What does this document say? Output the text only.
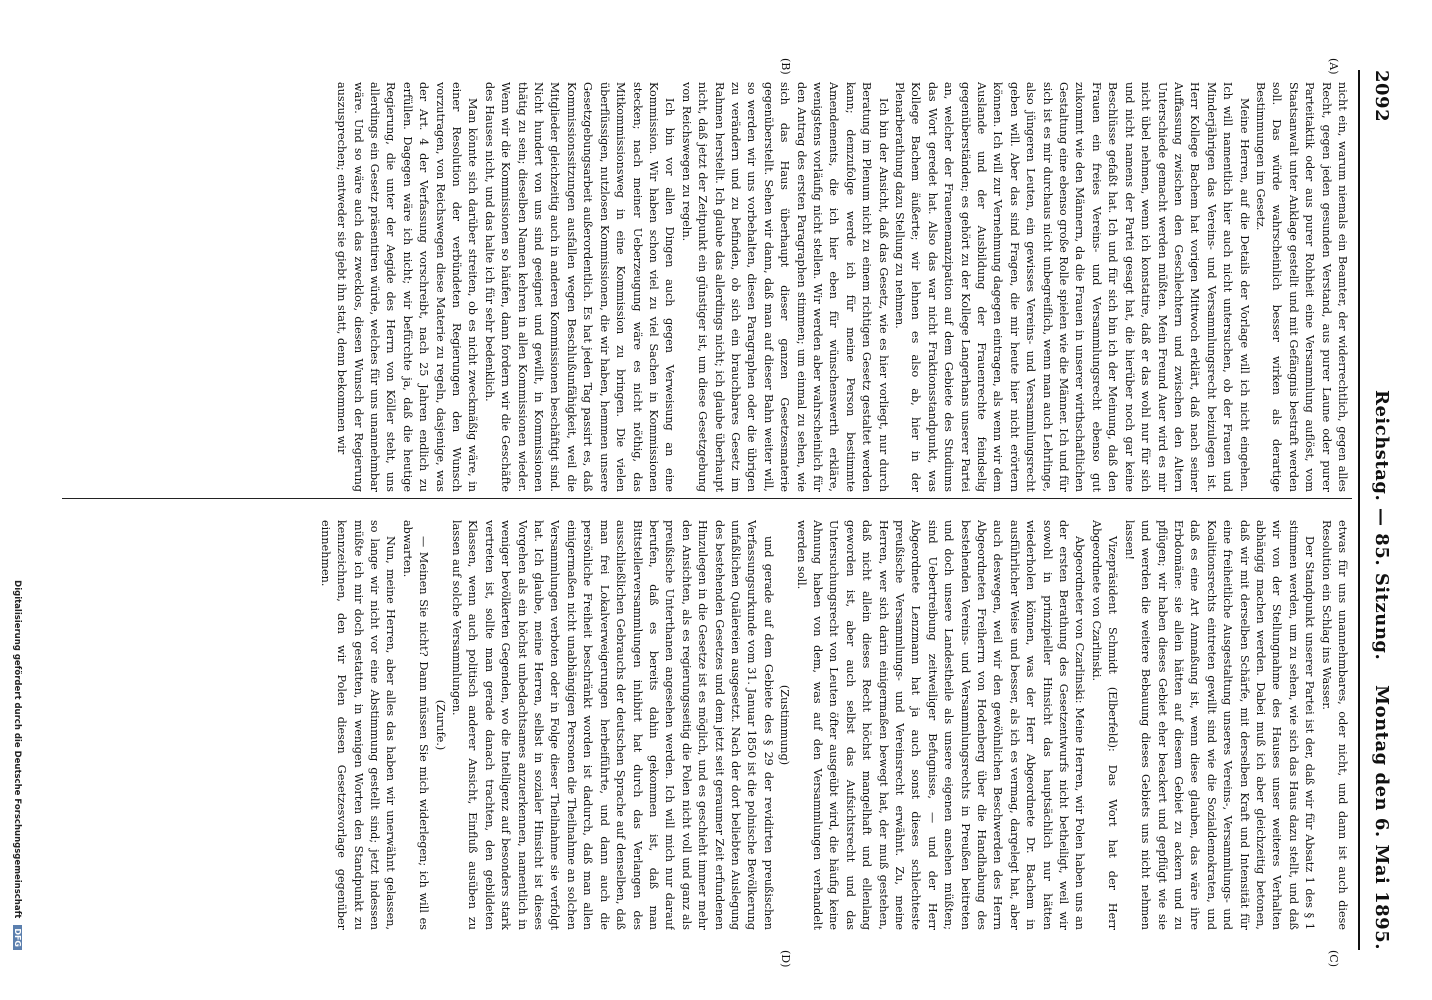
2092
Reichstag. — 85. Sitzung.
Montag den 6. Mai 1895.
(A)
(B)
(C)
(D)

nicht ein, warum niemals ein Beamter, der widerrechtlich, gegen alles Recht, gegen jeden gesunden Verstand, aus purer Laune oder purer Parteitaktik oder aus purer Rohheit eine Versammlung auflöst, vom Staatsanwalt unter Anklage gestellt und mit Gefängnis bestraft werden soll. Das würde wahrscheinlich besser wirken als derartige Bestimmungen im Gesetz.

Meine Herren, auf die Details der Vorlage will ich nicht eingehen. Ich will namentlich hier auch nicht untersuchen, ob der Frauen und Minderjährigen das Vereins- und Versammlungsrecht beizulegen ist. Herr Kollege Bachem hat vorigen Mittwoch erklärt, daß nach seiner Auffassung zwischen den Geschlechtern und zwischen den Altern Unterschiede gemacht werden müßten. Mein Freund Auer wird es mir nicht übel nehmen, wenn ich konstatire, daß er das wohl nur für sich und nicht namens der Partei gesagt hat, die hierüber noch gar keine Beschlüsse gefaßt hat. Ich und für sich bin ich der Meinung, daß den Frauen ein freies Vereins- und Versammlungsrecht ebenso gut zukommt wie den Männern, da die Frauen in unserer wirthschaftlichen Gestaltung eine ebenso große Rolle spielen wie die Männer. Ich und für sich ist es mir durchaus nicht unbegreiflich, wenn man auch Lehrlinge, also jüngeren Leuten, ein gewisses Vereins- und Versammlungsrecht geben will. Aber das sind Fragen, die mir heute hier nicht erörtern können. Ich will zur Vernehmung dagegen eintragen, als wenn wir dem Auslande und der Ausbildung der Frauenrechte feindselig gegenüberständen; es gehört zu der Kollege Langerhans unserer Partei an, welcher der Frauenemanzipation auf dem Gebiete des Studiums das Wort geredet hat. Also das war nicht Fraktionsstandpunkt, was Kollege Bachem äußerte; wir lehnen es also ab, hier in der Plenarberathung dazu Stellung zu nehmen.

Ich bin der Ansicht, daß das Gesetz, wie es hier vorliegt, nur durch Beratung im Plenum nicht zu einem richtigen Gesetz gestaltet werden kann; demzufolge werde ich für meine Person bestimmte Amendements, die ich hier eben für wünschenswerth erkläre, wenigstens vorläufig nicht stellen. Wir werden aber wahrscheinlich für den Antrag des ersten Paragraphen stimmen; um einmal zu sehen, wie sich das Haus überhaupt dieser ganzen Gesetzesmaterie gegenüberstellt. Sehen wir dann, daß man auf dieser Bahn weiter will, so werden wir uns vorbehalten, diesen Paragraphen oder die übrigen zu verändern und zu befinden, ob sich ein brauchbares Gesetz im Rahmen herstellt. Ich glaube das allerdings nicht; ich glaube überhaupt nicht, daß jetzt der Zeitpunkt ein günstiger ist, um diese Gesetzgebung von Reichswegen zu regeln.

Ich bin vor allen Dingen auch gegen Verweisung an eine Kommission. Wir haben schon viel zu viel Sachen in Kommissionen stecken; nach meiner Ueberzeugung wäre es nicht nöthig, das Mitkommissionsweg in eine Kommission zu bringen. Die vielen überflüssigen, nutzlosen Kommissionen, die wir haben, hemmen unsere Gesetzgebungsarbeit außerordentlich. Es hat jeden Tag passirt es, daß Kommissionssitzungen ausfallen wegen Beschlußunfähigkeit, weil die Mitglieder gleichzeitig auch in anderen Kommissionen beschäftigt sind. Nicht hundert von uns sind geeignet und gewillt, in Kommissionen thätig zu sein; dieselben Namen kehren in allen Kommissionen wieder. Wenn wir die Kommissionen so häufen, dann fordern wir die Geschäfte des Hauses nicht, und das halte ich für sehr bedenklich.

Man könnte sich darüber streiten, ob es nicht zweckmäßig wäre, in einer Resolution der verbündeten Regierungen den Wunsch vorzutragen, von Reichswegen diese Materie zu regeln, dasjenige, was der Art. 4 der Verfassung vorschreibt, nach 25 Jahren endlich zu erfüllen. Dagegen wäre ich nicht; wir befürchte ja, daß die heutige Regierung, die unter der Aegide des Herrn von Köller steht, uns allerdings ein Gesetz präsentiren würde, welches für uns unannehmbar wäre. Und so wäre auch das zwecklos, diesen Wunsch der Regierung auszusprechen; entweder sie giebt ihn statt, denn bekommen wir

etwas für uns unannehmbares, oder nicht, und dann ist auch diese Resolution ein Schlag ins Wasser.

Der Standpunkt unserer Partei ist der, daß wir für Absatz 1 des § 1 stimmen werden, um zu sehen, wie sich das Haus dazu stellt, und daß wir von der Stellungnahme des Hauses unser weiteres Verhalten abhängig machen werden. Dabei muß ich aber gleichzeitig betonen, daß wir mit derselben Schärfe, mit derselben Kraft und Intensität für eine freiheitliche Ausgestaltung unseres Vereins-, Versammlungs- und Koalitionsrechts eintreten gewillt sind wie die Sozialdemokraten, und daß es eine Art Anmaßung ist, wenn diese glauben, das wäre ihre Erbdomäne: sie allein hätten auf diesem Gebiet zu ackern und zu pflügen; wir haben dieses Gebiet eher beackert und gepflügt wie sie und werden die weitere Bebauung dieses Gebiets uns nicht nehmen lassen!

Vizepräsident Schmidt (Elberfeld): Das Wort hat der Herr Abgeordnete von Czarlinski.

Abgeordneter von Czarlinski: Meine Herren, wir Polen haben uns an der ersten Berathung des Gesetzentwurfs nicht betheiligt, weil wir sowohl in prinzipieller Hinsicht das hauptsächlich nur hätten wiederholen können, was der Herr Abgeordnete Dr. Bachem in ausführlicher Weise und besser, als ich es vermag, dargelegt hat, aber auch deswegen, weil wir den gewöhnlichen Beschwerden des Herrn Abgeordneten Freiherrn von Hodenberg über die Handhabung des bestehenden Vereins- und Versammlungsrechts in Preußen beitreten und doch unsere Landestheile als unsere eigenen ansehen müßten; sind Uebertreibung zeitweiliger Befugnisse, — und der Herr Abgeordnete Lenzmann hat ja auch sonst dieses schlechteste preußische Versammlungs- und Vereinsrecht erwähnt. Zu, meine Herren, wer sich darin einigermaßen bewegt hat, der muß gestehen, daß nicht allein dieses Recht höchst mangelhaft und ellenlang geworden ist, aber auch selbst das Aufsichtsrecht und das Untersuchungsrecht von Leuten öfter ausgeübt wird, die häufig keine Ahnung haben von dem, was auf den Versammlungen verhandelt werden soll.

(Zustimmung)

und gerade auf dem Gebiete des § 29 der revidirten preußischen Verfassungsurkunde vom 31. Januar 1850 ist die polnische Bevölkerung unfaßlichen Quälereien ausgesetzt. Nach der dort beliebten Auslegung des bestehenden Gesetzes und dem jetzt seit geraumer Zeit erfundenen Hinzulegen in die Gesetze ist es möglich, und es geschieht immer mehr den Ansichten, als es regierungsseitig die Polen nicht voll und ganz als preußische Unterthanen angesehen werden. Ich will mich nur darauf berufen, daß es bereits dahin gekommen ist, daß man Bittstellerversammlungen inhibirt hat durch das Verlangen des ausschließlichen Gebrauchs der deutschen Sprache auf denselben, daß man frei Lokalverweigerungen herbeiführte, und dann auch die persönliche Freiheit beschränkt worden ist dadurch, daß man allen einigermaßen nicht unabhängigen Personen die Theilnahme an solchen Versammlungen verboten oder in Folge dieser Theilnahme sie verfolgt hat. Ich glaube, meine Herren, selbst in sozialer Hinsicht ist dieses Vorgehen als ein höchst unbedachtsames anzuerkennen, namentlich in weniger bevölkerten Gegenden, wo die Intelligenz auf besonders stark vertreten ist, sollte man gerade danach trachten, den gebildeten Klassen, wenn auch politisch anderer Ansicht, Einfluß ausüben zu lassen auf solche Versammlungen.

(Zurufe.)

— Meinen Sie nicht? Dann müssen Sie mich widerlegen; ich will es abwarten.

Nun, meine Herren, aber alles das haben wir unerwähnt gelassen, so lange wir nicht vor eine Abstimmung gestellt sind; jetzt indessen müßte ich mir doch gestatten, in wenigen Worten den Standpunkt zu kennzeichnen, den wir Polen diesen Gesetzesvorlage gegenüber einnehmen.

Digitalisierung gefördert durch die Deutsche Forschungsgemeinschaft DFG
